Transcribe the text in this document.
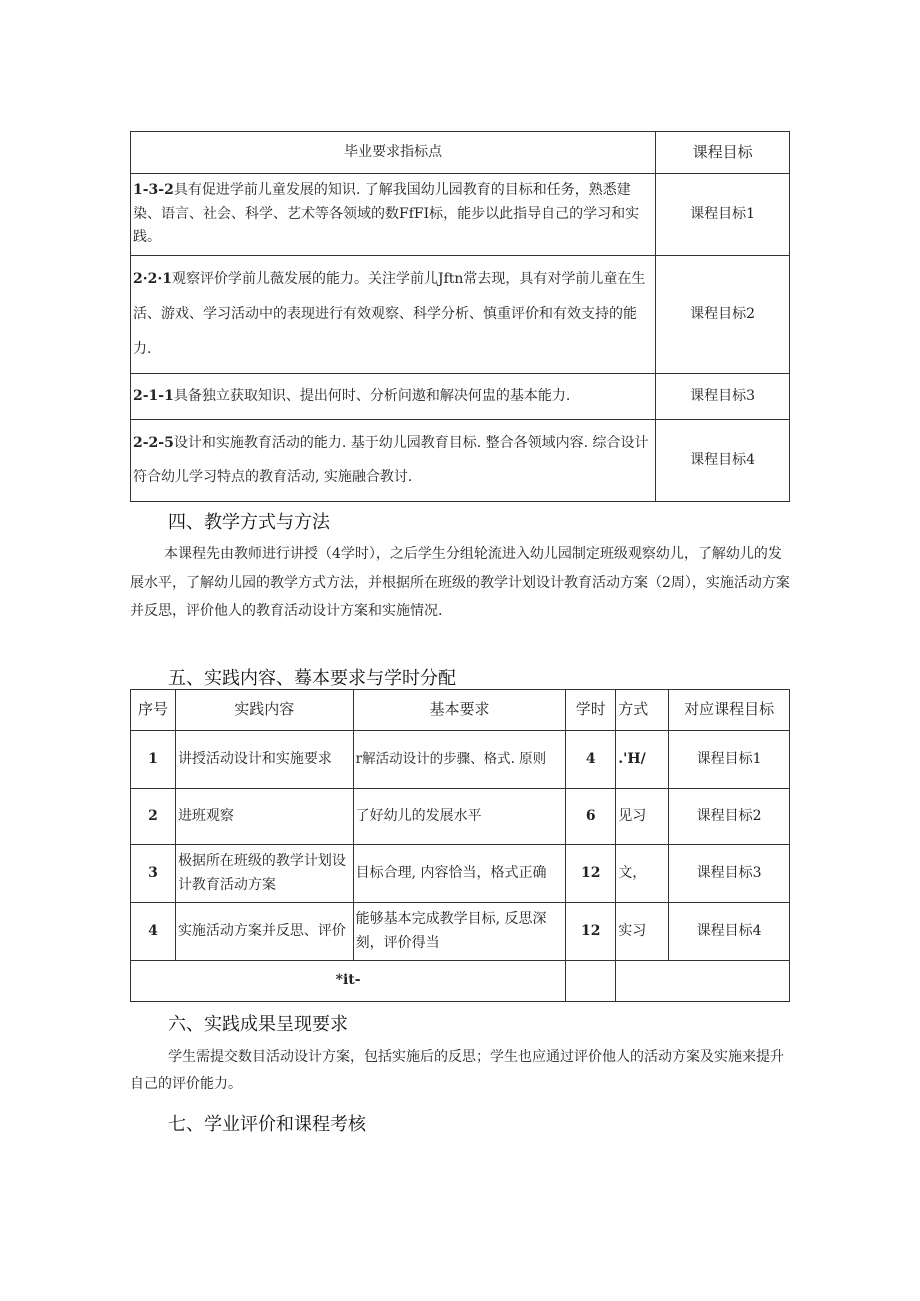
毕业要求指标点	课程目标
1-3-2具有促进学前儿童发展的知识. 了解我国幼儿园教育的目标和任务，熟悉建染、语言、社会、科学、艺术等各领域的数FfFI标，能步以此指导自己的学习和实践。	课程目标1
2·2·1观察评价学前儿薇发展的能力。关注学前儿Jftn常去现，具有对学前儿童在生活、游戏、学习活动中的表现进行有效观察、科学分析、慎重评价和有效支持的能力.	课程目标2
2-1-1具备独立获取知识、提出何时、分析问遨和解决何盅的基本能力.	课程目标3
2-2-5设计和实施教育活动的能力. 基于幼儿园教育目标. 整合各领域内容. 综合设计符合幼儿学习特点的教育活动, 实施融合教讨.	课程目标4
四、教学方式与方法
本课程先由教师进行讲授（4学时），之后学生分组轮流进入幼儿园制定班级观察幼儿，了解幼儿的发展水平，了解幼儿园的教学方式方法，并根据所在班级的教学计划设计教育活动方案（2周），实施活动方案并反思，评价他人的教育活动设计方案和实施情况.
五、实践内容、蓦本要求与学时分配
序号	实践内容	基本要求	学时	方式	对应课程目标
1	讲授活动设计和实施要求	r解活动设计的步骤、格式. 原则	4	.'H/	课程目标1
2	进班观察	了好幼儿的发展水平	6	见习	课程目标2
3	极据所在班级的教学计划设计教育活动方案	目标合理, 内容恰当，格式正确	12	文，	课程目标3
4	实施活动方案并反思、评价	能够基本完成教学目标, 反思深刻，评价得当	12	实习	课程目标4
*it-					
六、实践成果呈现要求
学生需提交数目活动设计方案，包括实施后的反思；学生也应通过评价他人的活动方案及实施来提升自己的评价能力。
七、学业评价和课程考核
